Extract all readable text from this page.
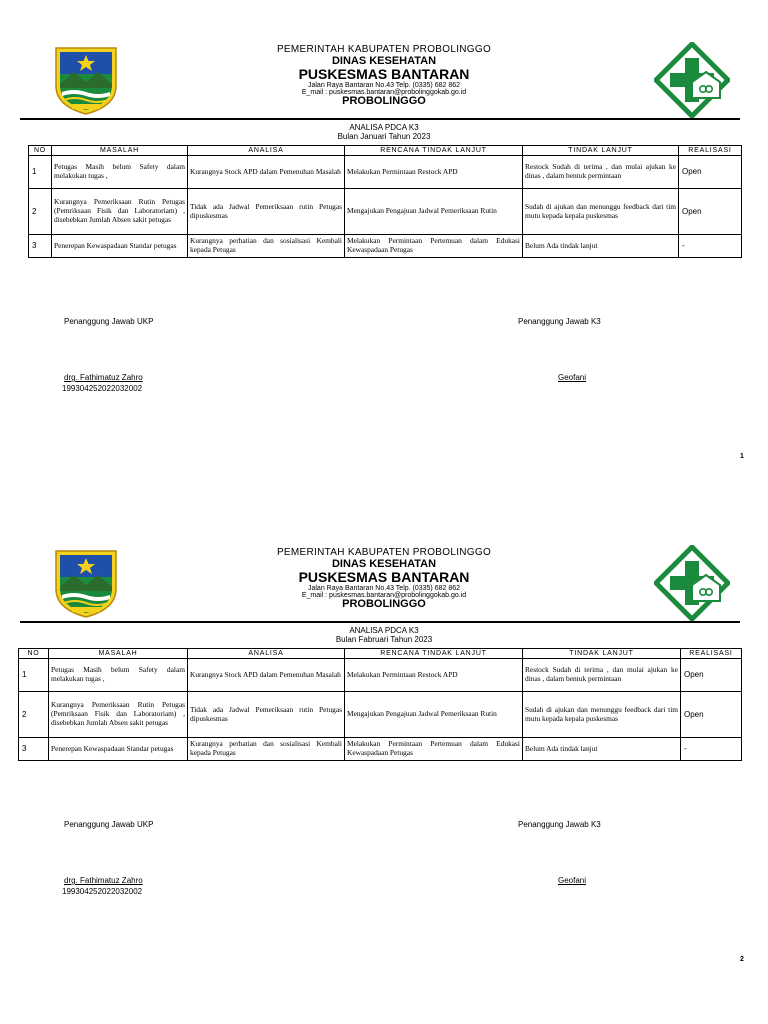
PEMERINTAH KABUPATEN PROBOLINGGO
DINAS KESEHATAN
PUSKESMAS BANTARAN
Jalan Raya Bantaran No.43 Telp. (0335) 682 862
E_mail : puskesmas.bantaran@probolinggokab.go.id
PROBOLINGGO
ANALISA PDCA K3
Bulan Januari Tahun 2023
NO	MASALAH	ANALISA	RENCANA TINDAK LANJUT	TINDAK LANJUT	REALISASI
1	Petugas Masih belum Safety dalam melakukan tugas ,	Kurangnya Stock APD dalam Pemenuhan Masalah	Melakukan Permintaan Restock APD	Restock Sudah di terima , dan mulai ajukan ke dinas , dalam bentuk permintaan	Open
2	Kurangnya Pemeriksaan Rutin Petugas (Pemriksaan Fisik dan Laboratoriam) , disebebkan Jumlah Absen sakit petugas	Tidak ada Jadwal Pemeriksaan rutin Petugas dipuskesmas	Mengajukan Pengajuan Jadwal Pemeriksaan Rutin	Sudah di ajukan dan menunggu feedback dari tim mutu kepada kepala puskesmas	Open
3	Penerepan Kewaspadaan Standar petugas	Kurangnya perhatian dan sosialisasi Kembali kepada Petugas	Melakukan Permintaan Pertemuan dalam Edukasi Kewaspadaan Petugas	Belum Ada tindak lanjut	-
Penanggung Jawab UKP	Penanggung Jawab K3
drg. Fathimatuz Zahro
199304252022032002
Geofani
1
PEMERINTAH KABUPATEN PROBOLINGGO
DINAS KESEHATAN
PUSKESMAS BANTARAN
Jalan Raya Bantaran No.43 Telp. (0335) 682 862
E_mail : puskesmas.bantaran@probolinggokab.go.id
PROBOLINGGO
ANALISA PDCA K3
Bulan Fabruari Tahun 2023
NO	MASALAH	ANALISA	RENCANA TINDAK LANJUT	TINDAK LANJUT	REALISASI
1	Petugas Masih belum Safety dalam melakukan tugas ,	Kurangnya Stock APD dalam Pemenuhan Masalah	Melakukan Permintaan Restock APD	Restock Sudah di terima , dan mulai ajukan ke dinas , dalam bentuk permintaan	Open
2	Kurangnya Pemeriksaan Rutin Petugas (Pemriksaan Fisik dan Laboratoriam) , disebebkan Jumlah Absen sakit petugas	Tidak ada Jadwal Pemeriksaan rutin Petugas dipuskesmas	Mengajukan Pengajuan Jadwal Pemeriksaan Rutin	Sudah di ajukan dan menunggu feedback dari tim mutu kepada kepala puskesmas	Open
3	Penerepan Kewaspadaan Standar petugas	Kurangnya perhatian dan sosialisasi Kembali kepada Petugas	Melakukan Permintaan Pertemuan dalam Edukasi Kewaspadaan Petugas	Belum Ada tindak lanjut	-
Penanggung Jawab UKP	Penanggung Jawab K3
drg. Fathimatuz Zahro
199304252022032002
Geofani
2
